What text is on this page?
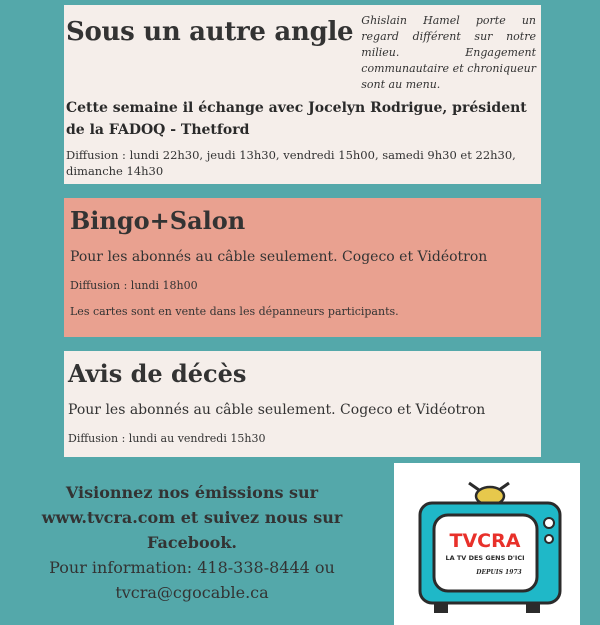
Sous un autre angle Ghislain Hamel porte un regard différent sur notre milieu. Engagement communautaire et chroniqueur sont au menu.

Cette semaine il échange avec Jocelyn Rodrigue, président de la FADOQ - Thetford

Diffusion : lundi 22h30, jeudi 13h30, vendredi 15h00, samedi 9h30 et 22h30, dimanche 14h30

Bingo+Salon

Pour les abonnés au câble seulement. Cogeco et Vidéotron

Diffusion : lundi 18h00

Les cartes sont en vente dans les dépanneurs participants.

Avis de décès

Pour les abonnés au câble seulement. Cogeco et Vidéotron

Diffusion : lundi au vendredi 15h30

Visionnez nos émissions sur www.tvcra.com et suivez nous sur Facebook.

Pour information: 418-338-8444 ou tvcra@cgocable.ca

TVCRA
LA TV DES GENS D'ICI
DEPUIS 1973
